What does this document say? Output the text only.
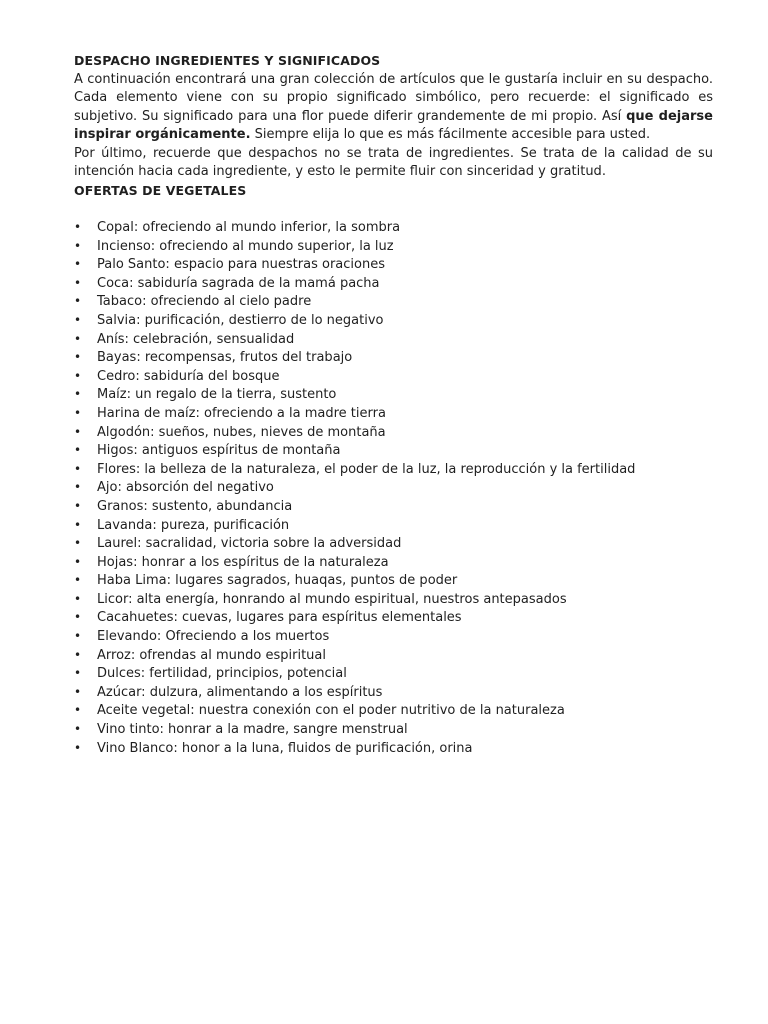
DESPACHO INGREDIENTES Y SIGNIFICADOS

A continuación encontrará una gran colección de artículos que le gustaría incluir en su despacho. Cada elemento viene con su propio significado simbólico, pero recuerde: el significado es subjetivo. Su significado para una flor puede diferir grandemente de mi propio. Así que dejarse inspirar orgánicamente. Siempre elija lo que es más fácilmente accesible para usted.

Por último, recuerde que despachos no se trata de ingredientes. Se trata de la calidad de su intención hacia cada ingrediente, y esto le permite fluir con sinceridad y gratitud.

OFERTAS DE VEGETALES
•	Copal: ofreciendo al mundo inferior, la sombra
•	Incienso: ofreciendo al mundo superior, la luz
•	Palo Santo: espacio para nuestras oraciones
•	Coca: sabiduría sagrada de la mamá pacha
•	Tabaco: ofreciendo al cielo padre
•	Salvia: purificación, destierro de lo negativo
•	Anís: celebración, sensualidad
•	Bayas: recompensas, frutos del trabajo
•	Cedro: sabiduría del bosque
•	Maíz: un regalo de la tierra, sustento
•	Harina de maíz: ofreciendo a la madre tierra
•	Algodón: sueños, nubes, nieves de montaña
•	Higos: antiguos espíritus de montaña
•	Flores: la belleza de la naturaleza, el poder de la luz, la reproducción y la fertilidad
•	Ajo: absorción del negativo
•	Granos: sustento, abundancia
•	Lavanda: pureza, purificación
•	Laurel: sacralidad, victoria sobre la adversidad
•	Hojas: honrar a los espíritus de la naturaleza
•	Haba Lima: lugares sagrados, huaqas, puntos de poder
•	Licor: alta energía, honrando al mundo espiritual, nuestros antepasados
•	Cacahuetes: cuevas, lugares para espíritus elementales
•	Elevando: Ofreciendo a los muertos
•	Arroz: ofrendas al mundo espiritual
•	Dulces: fertilidad, principios, potencial
•	Azúcar: dulzura, alimentando a los espíritus
•	Aceite vegetal: nuestra conexión con el poder nutritivo de la naturaleza
•	Vino tinto: honrar a la madre, sangre menstrual
•	Vino Blanco: honor a la luna, fluidos de purificación, orina
